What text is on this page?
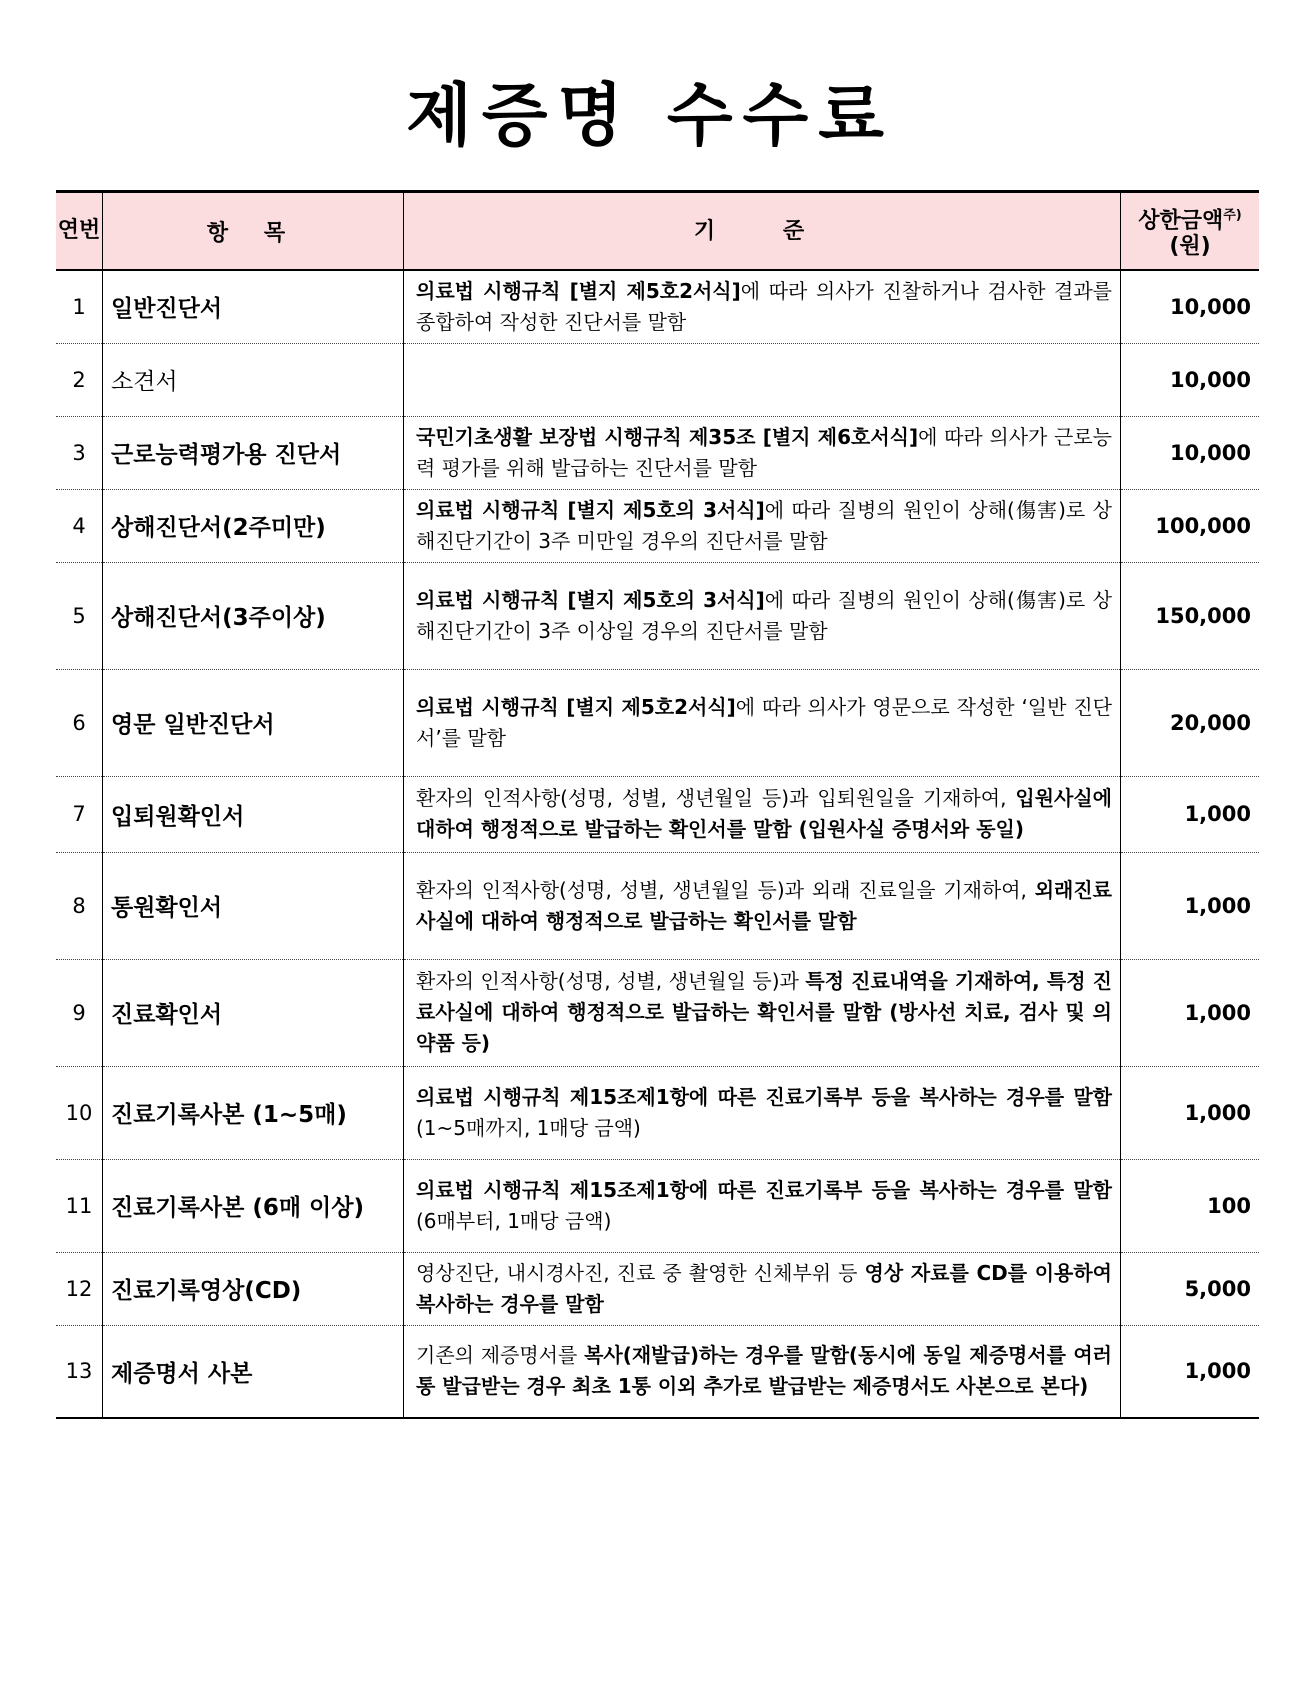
제증명 수수료
연번	항 목	기 준	상한금액$^{주)}$
(원)
1	일반진단서	의료법 시행규칙 [별지 제5호2서식]에 따라 의사가 진찰하거나 검사한 결과를 종합하여 작성한 진단서를 말함	10,000
2	소견서		10,000
3	근로능력평가용 진단서	국민기초생활 보장법 시행규칙 제35조 [별지 제6호서식]에 따라 의사가 근로능력 평가를 위해 발급하는 진단서를 말함	10,000
4	상해진단서(2주미만)	의료법 시행규칙 [별지 제5호의 3서식]에 따라 질병의 원인이 상해(傷害)로 상해진단기간이 3주 미만일 경우의 진단서를 말함	100,000
5	상해진단서(3주이상)	의료법 시행규칙 [별지 제5호의 3서식]에 따라 질병의 원인이 상해(傷害)로 상해진단기간이 3주 이상일 경우의 진단서를 말함	150,000
6	영문 일반진단서	의료법 시행규칙 [별지 제5호2서식]에 따라 의사가 영문으로 작성한 ‘일반 진단서’를 말함	20,000
7	입퇴원확인서	환자의 인적사항(성명, 성별, 생년월일 등)과 입퇴원일을 기재하여, 입원사실에 대하여 행정적으로 발급하는 확인서를 말함 (입원사실 증명서와 동일)	1,000
8	통원확인서	환자의 인적사항(성명, 성별, 생년월일 등)과 외래 진료일을 기재하여, 외래진료사실에 대하여 행정적으로 발급하는 확인서를 말함	1,000
9	진료확인서	환자의 인적사항(성명, 성별, 생년월일 등)과 특정 진료내역을 기재하여, 특정 진료사실에 대하여 행정적으로 발급하는 확인서를 말함 (방사선 치료, 검사 및 의약품 등)	1,000
10	진료기록사본 (1~5매)	의료법 시행규칙 제15조제1항에 따른 진료기록부 등을 복사하는 경우를 말함(1~5매까지, 1매당 금액)	1,000
11	진료기록사본 (6매 이상)	의료법 시행규칙 제15조제1항에 따른 진료기록부 등을 복사하는 경우를 말함(6매부터, 1매당 금액)	100
12	진료기록영상(CD)	영상진단, 내시경사진, 진료 중 촬영한 신체부위 등 영상 자료를 CD를 이용하여 복사하는 경우를 말함	5,000
13	제증명서 사본	기존의 제증명서를 복사(재발급)하는 경우를 말함(동시에 동일 제증명서를 여러통 발급받는 경우 최초 1통 이외 추가로 발급받는 제증명서도 사본으로 본다)	1,000
